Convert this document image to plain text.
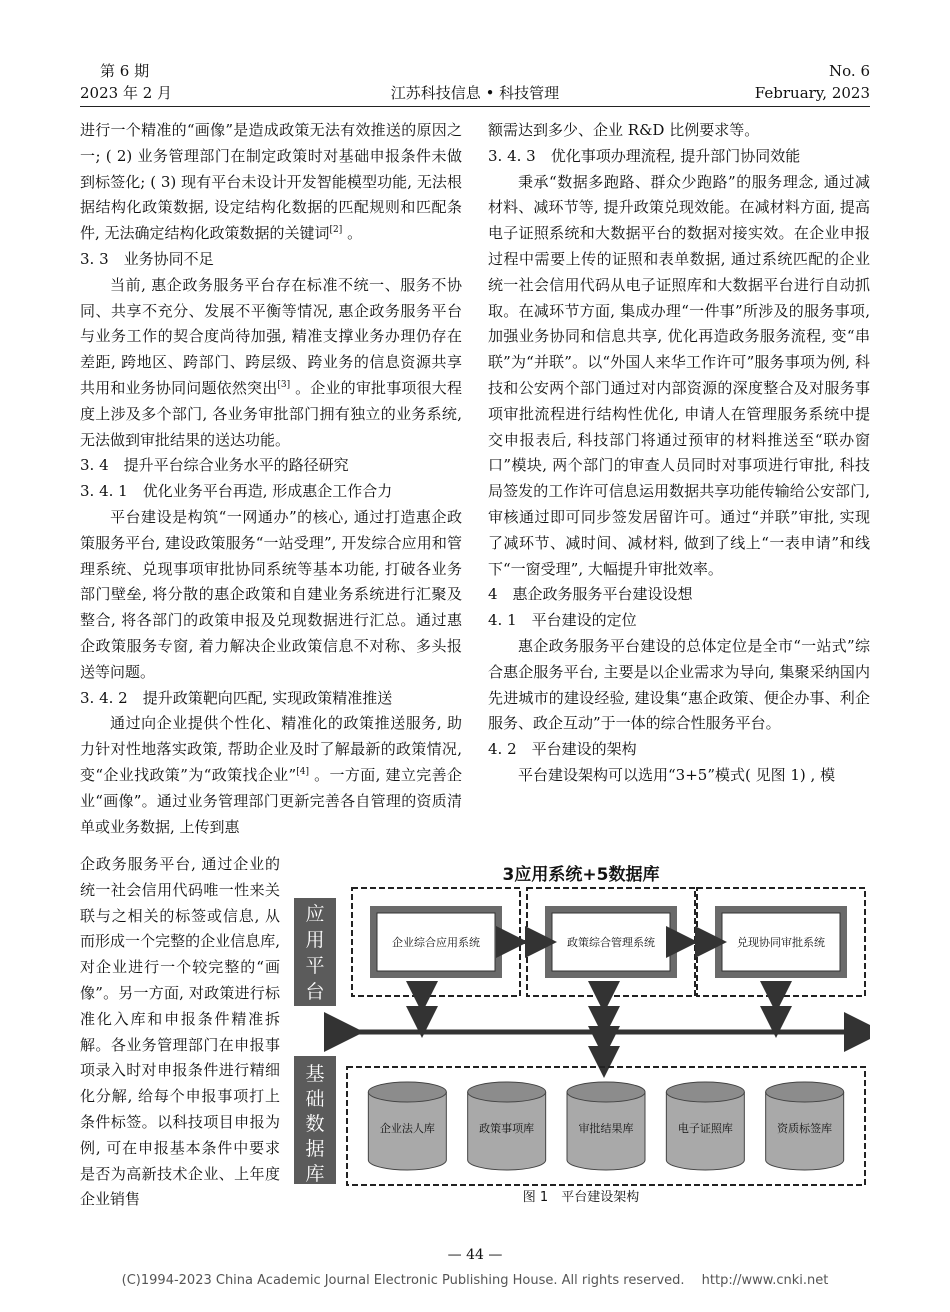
第 6 期
2023 年 2 月	江苏科技信息 • 科技管理
No. 6
February, 2023

进行一个精准的“画像”是造成政策无法有效推送的原因之一; ( 2) 业务管理部门在制定政策时对基础申报条件未做到标签化; ( 3) 现有平台未设计开发智能模型功能, 无法根据结构化政策数据, 设定结构化数据的匹配规则和匹配条件, 无法确定结构化政策数据的关键词[2] 。

3. 3　业务协同不足

当前, 惠企政务服务平台存在标准不统一、服务不协同、共享不充分、发展不平衡等情况, 惠企政务服务平台与业务工作的契合度尚待加强, 精准支撑业务办理仍存在差距, 跨地区、跨部门、跨层级、跨业务的信息资源共享共用和业务协同问题依然突出[3] 。企业的审批事项很大程度上涉及多个部门, 各业务审批部门拥有独立的业务系统, 无法做到审批结果的送达功能。

3. 4　提升平台综合业务水平的路径研究

3. 4. 1　优化业务平台再造, 形成惠企工作合力

平台建设是构筑“一网通办”的核心, 通过打造惠企政策服务平台, 建设政策服务“一站受理”, 开发综合应用和管理系统、兑现事项审批协同系统等基本功能, 打破各业务部门壁垒, 将分散的惠企政策和自建业务系统进行汇聚及整合, 将各部门的政策申报及兑现数据进行汇总。通过惠企政策服务专窗, 着力解决企业政策信息不对称、多头报送等问题。

3. 4. 2　提升政策靶向匹配, 实现政策精准推送

通过向企业提供个性化、精准化的政策推送服务, 助力针对性地落实政策, 帮助企业及时了解最新的政策情况, 变“企业找政策”为“政策找企业”[4] 。一方面, 建立完善企业“画像”。通过业务管理部门更新完善各自管理的资质清单或业务数据, 上传到惠

企政务服务平台, 通过企业的统一社会信用代码唯一性来关联与之相关的标签或信息, 从而形成一个完整的企业信息库, 对企业进行一个较完整的“画像”。另一方面, 对政策进行标准化入库和申报条件精准拆解。各业务管理部门在申报事项录入时对申报条件进行精细化分解, 给每个申报事项打上条件标签。以科技项目申报为例, 可在申报基本条件中要求是否为高新技术企业、上年度企业销售

额需达到多少、企业 R&D 比例要求等。

3. 4. 3　优化事项办理流程, 提升部门协同效能

秉承“数据多跑路、群众少跑路”的服务理念, 通过减材料、减环节等, 提升政策兑现效能。在减材料方面, 提高电子证照系统和大数据平台的数据对接实效。在企业申报过程中需要上传的证照和表单数据, 通过系统匹配的企业统一社会信用代码从电子证照库和大数据平台进行自动抓取。在减环节方面, 集成办理“一件事”所涉及的服务事项, 加强业务协同和信息共享, 优化再造政务服务流程, 变“串联”为“并联”。以“外国人来华工作许可”服务事项为例, 科技和公安两个部门通过对内部资源的深度整合及对服务事项审批流程进行结构性优化, 申请人在管理服务系统中提交申报表后, 科技部门将通过预审的材料推送至“联办窗口”模块, 两个部门的审查人员同时对事项进行审批, 科技局签发的工作许可信息运用数据共享功能传输给公安部门, 审核通过即可同步签发居留许可。通过“并联”审批, 实现了减环节、减时间、减材料, 做到了线上“一表申请”和线下“一窗受理”, 大幅提升审批效率。

4　惠企政务服务平台建设设想

4. 1　平台建设的定位

惠企政务服务平台建设的总体定位是全市“一站式”综合惠企服务平台, 主要是以企业需求为导向, 集聚采纳国内先进城市的建设经验, 建设集“惠企政策、便企办事、利企服务、政企互动”于一体的综合性服务平台。

4. 2　平台建设的架构

平台建设架构可以选用“3+5”模式( 见图 1) , 模

3应用系统+5数据库
应
用
平
台
基
础
数
据
库
企业综合应用系统	政策综合管理系统	兑现协同审批系统
企业法人库	政策事项库	审批结果库	电子证照库	资质标签库
图 1　平台建设架构
— 44 —
(C)1994-2023 China Academic Journal Electronic Publishing House. All rights reserved.　 http://www.cnki.net
